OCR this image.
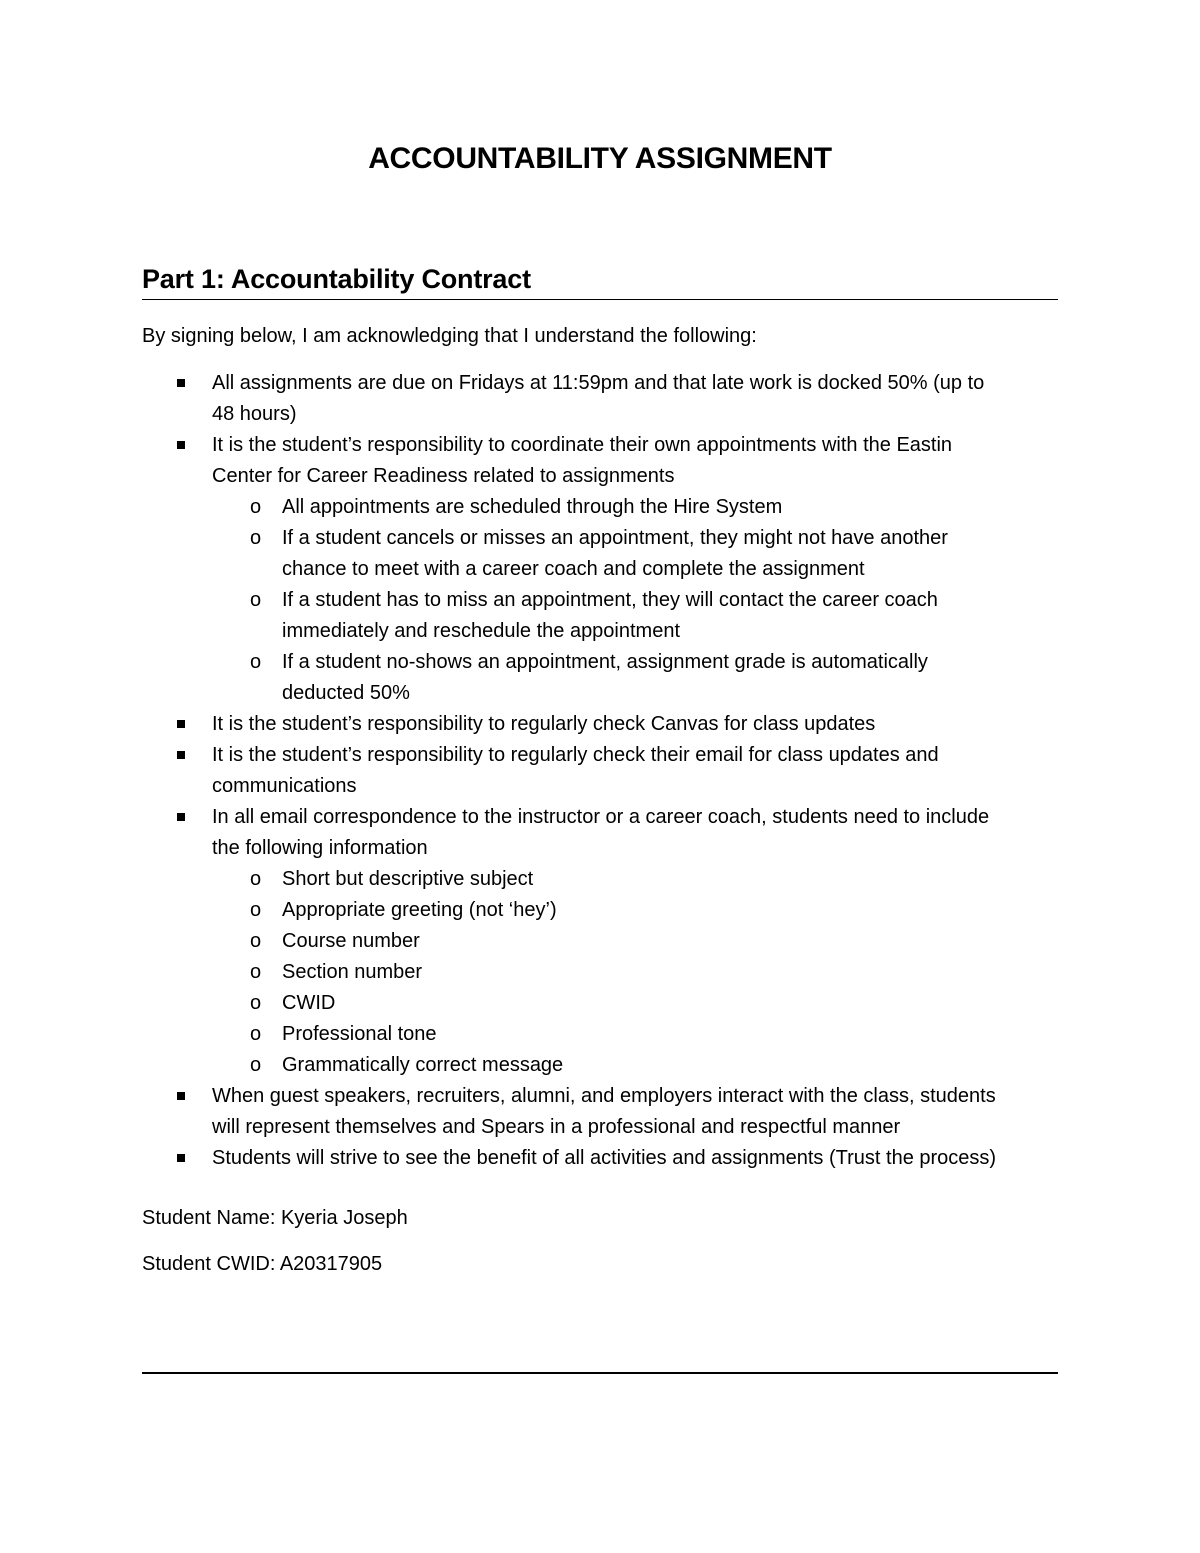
ACCOUNTABILITY ASSIGNMENT
Part 1: Accountability Contract
By signing below, I am acknowledging that I understand the following:
All assignments are due on Fridays at 11:59pm and that late work is docked 50% (up to
48 hours)
It is the student’s responsibility to coordinate their own appointments with the Eastin
Center for Career Readiness related to assignments
o All appointments are scheduled through the Hire System
o If a student cancels or misses an appointment, they might not have another
chance to meet with a career coach and complete the assignment
o If a student has to miss an appointment, they will contact the career coach
immediately and reschedule the appointment
o If a student no-shows an appointment, assignment grade is automatically
deducted 50%
It is the student’s responsibility to regularly check Canvas for class updates
It is the student’s responsibility to regularly check their email for class updates and
communications
In all email correspondence to the instructor or a career coach, students need to include
the following information
o Short but descriptive subject
o Appropriate greeting (not ‘hey’)
o Course number
o Section number
o CWID
o Professional tone
o Grammatically correct message
When guest speakers, recruiters, alumni, and employers interact with the class, students
will represent themselves and Spears in a professional and respectful manner
Students will strive to see the benefit of all activities and assignments (Trust the process)
Student Name: Kyeria Joseph
Student CWID: A20317905
